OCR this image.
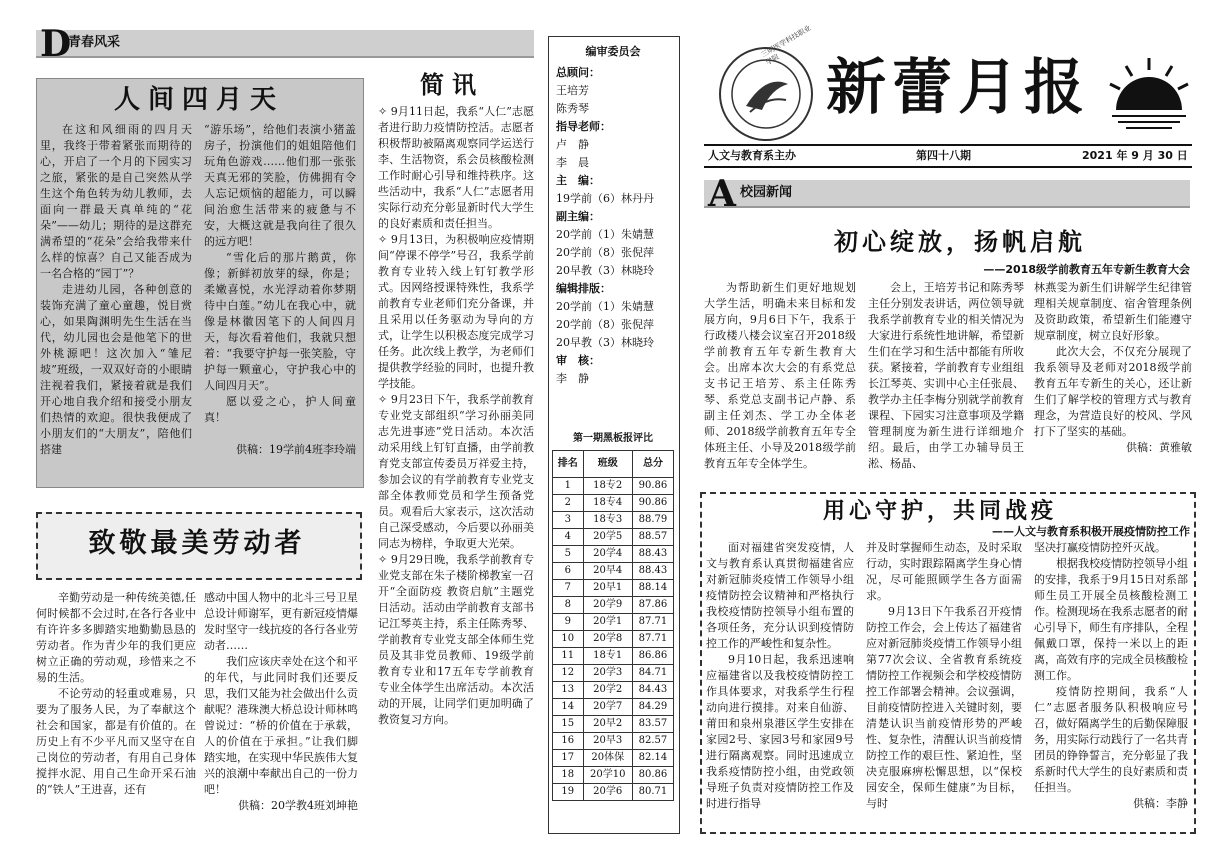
D
青春风采
人间四月天

在这和风细雨的四月天里，我终于带着紧张而期待的心，开启了一个月的下园实习之旅，紧张的是自己突然从学生这个角色转为幼儿教师，去面向一群最天真单纯的“花朵”——幼儿；期待的是这群充满希望的“花朵”会给我带来什么样的惊喜？自己又能否成为一名合格的“园丁”？

走进幼儿园，各种创意的装饰充满了童心童趣，悦目赏心，如果陶渊明先生生活在当代，幼儿园也会是他笔下的世外桃源吧！这次加入“雏尼坡”班级，一双双好奇的小眼睛注视着我们，紧接着就是我们开心地自我介绍和接受小朋友们热情的欢迎。很快我便成了小朋友们的“大朋友”，陪他们搭建

“游乐场”，给他们表演小猪盖房子，扮演他们的姐姐陪他们玩角色游戏……他们那一张张天真无邪的笑脸，仿佛拥有令人忘记烦恼的超能力，可以瞬间治愈生活带来的疲惫与不安，大概这就是我向往了很久的远方吧！

“雪化后的那片鹅黄，你像；新鲜初放芽的绿，你是；柔嫩喜悦，水光浮动着你梦期待中白莲。”幼儿在我心中，就像是林徽因笔下的人间四月天，每次看着他们，我就只想着：“我要守护每一张笑脸，守护每一颗童心，守护我心中的人间四月天”。

愿以爱之心，护人间童真！

供稿：19学前4班李玲端

致敬最美劳动者

辛勤劳动是一种传统美德,任何时候都不会过时,在各行各业中有许许多多脚踏实地勤勤恳恳的劳动者。作为青少年的我们更应树立正确的劳动观，珍惜来之不易的生活。

不论劳动的轻重或难易，只要为了服务人民，为了奉献这个社会和国家，都是有价值的。在历史上有不少平凡而又坚守在自己岗位的劳动者，有用自己身体搅拌水泥、用自己生命开采石油的“铁人”王进喜，还有

感动中国人物中的北斗三号卫星总设计师谢军，更有新冠疫情爆发时坚守一线抗疫的各行各业劳动者……

我们应该庆幸处在这个和平的年代，与此同时我们还要反思，我们又能为社会做出什么贡献呢？港珠澳大桥总设计师林鸣曾说过：“桥的价值在于承载，人的价值在于承担。”让我们脚踏实地，在实现中华民族伟大复兴的浪潮中奉献出自己的一份力吧！

供稿：20学教4班刘坤艳

简讯

✧ 9月11日起，我系“人仁”志愿者进行助力疫情防控活。志愿者积极帮助被隔离观察同学运送行李、生活物资，系会员核酸检测工作时耐心引导和维持秩序。这些活动中，我系“人仁”志愿者用实际行动充分彰显新时代大学生的良好素质和责任担当。

✧ 9月13日，为积极响应疫情期间“停课不停学”号召，我系学前教育专业转入线上钉钉教学形式。因网络授课特殊性，我系学前教育专业老师们充分备课，并且采用以任务驱动为导向的方式，让学生以积极态度完成学习任务。此次线上教学，为老师们提供教学经验的同时，也提升教学技能。

✧ 9月23日下午，我系学前教育专业党支部组织“学习孙丽美同志先进事迹”党日活动。本次活动采用线上钉钉直播，由学前教育党支部宣传委员万祥爱主持，参加会议的有学前教育专业党支部全体教师党员和学生预备党员。观看后大家表示，这次活动自己深受感动，今后要以孙丽美同志为榜样，争取更大光荣。

✧ 9月29日晚，我系学前教育专业党支部在朱子楼阶梯教室一召开“全面防疫 教资启航”主题党日活动。活动由学前教育支部书记江琴英主持，系主任陈秀琴、学前教育专业党支部全体师生党员及其非党员教师、19级学前教育专业和17五年专学前教育专业全体学生出席活动。本次活动的开展，让同学们更加明确了教资复习方向。

编审委员会
总顾问：
王培芳
陈秀琴
指导老师：
卢　静
李　晨
主　编：
19学前（6）林丹丹
副主编：
20学前（1）朱婧慧
20学前（8）张倪萍
20早教（3）林晓玲
编辑排版：
20学前（1）朱婧慧
20学前（8）张倪萍
20早教（3）林晓玲
审　核：
李　静
第一期黑板报评比
排名	班级	总分
1	18专2	90.86
2	18专4	90.86
3	18专3	88.79
4	20学5	88.57
5	20学4	88.43
6	20早4	88.43
7	20早1	88.14
8	20学9	87.86
9	20学1	87.71
10	20学8	87.71
11	18专1	86.86
12	20学3	84.71
13	20学2	84.43
14	20学7	84.29
15	20早2	83.57
16	20早3	82.57
17	20体保	82.14
18	20学10	80.86
19	20学6	80.71
三明医学科技职业学院 新蕾月报
人文与教育系主办	第四十八期	2021 年 9 月 30 日
A 校园新闻
初心绽放，扬帆启航
——2018级学前教育五年专新生教育大会

为帮助新生们更好地规划大学生活，明确未来目标和发展方向，9月6日下午，我系于行政楼八楼会议室召开2018级学前教育五年专新生教育大会。出席本次大会的有系党总支书记王培芳、系主任陈秀琴、系党总支副书记卢静、系副主任刘杰、学工办全体老师、2018级学前教育五年专全体班主任、小导及2018级学前教育五年专全体学生。

会上，王培芳书记和陈秀琴主任分别发表讲话，两位领导就我系学前教育专业的相关情况为大家进行系统性地讲解，希望新生们在学习和生活中都能有所收获。紧接着，学前教育专业组组长江琴英、实训中心主任张晨、教学办主任李梅分别就学前教育课程、下园实习注意事项及学籍管理制度为新生进行详细地介绍。最后，由学工办辅导员王淞、杨晶、

林燕雯为新生们讲解学生纪律管理相关规章制度、宿舍管理条例及资助政策，希望新生们能遵守规章制度，树立良好形象。

此次大会，不仅充分展现了我系领导及老师对2018级学前教育五年专新生的关心，还让新生们了解学校的管理方式与教育理念，为营造良好的校风、学风打下了坚实的基础。

供稿：黄雅敏

用心守护，共同战疫
——人文与教育系积极开展疫情防控工作

面对福建省突发疫情，人文与教育系认真贯彻福建省应对新冠肺炎疫情工作领导小组疫情防控会议精神和严格执行我校疫情防控领导小组布置的各项任务，充分认识到疫情防控工作的严峻性和复杂性。

9月10日起，我系迅速响应福建省以及我校疫情防控工作具体要求，对我系学生行程动向进行摸排。对来自仙游、莆田和泉州泉港区学生安排在家园2号、家园3号和家园9号进行隔离观察。同时迅速成立我系疫情防控小组，由党政领导班子负责对疫情防控工作及时进行指导

并及时掌握师生动态，及时采取行动，实时跟踪隔离学生身心情况，尽可能照顾学生各方面需求。

9月13日下午我系召开疫情防控工作会，会上传达了福建省应对新冠肺炎疫情工作领导小组第77次会议、全省教育系统疫情防控工作视频会和学校疫情防控工作部署会精神。会议强调，目前疫情防控进入关键时刻，要清楚认识当前疫情形势的严峻性、复杂性，清醒认识当前疫情防控工作的艰巨性、紧迫性，坚决克服麻痹松懈思想，以“保校园安全，保师生健康”为目标，与时

坚决打赢疫情防控歼灭战。

根据我校疫情防控领导小组的安排，我系于9月15日对系部师生员工开展全员核酸检测工作。检测现场在我系志愿者的耐心引导下，师生有序排队，全程佩戴口罩，保持一米以上的距离，高效有序的完成全员核酸检测工作。

疫情防控期间，我系“人仁”志愿者服务队积极响应号召，做好隔离学生的后勤保障服务，用实际行动践行了一名共青团员的铮铮誓言，充分彰显了我系新时代大学生的良好素质和责任担当。

供稿：李静
